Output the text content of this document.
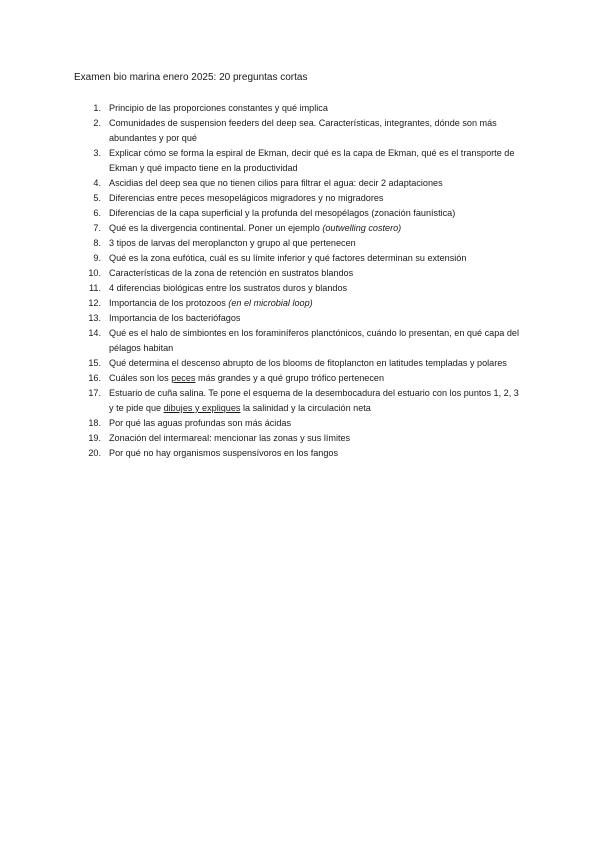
Examen bio marina enero 2025: 20 preguntas cortas
1. Principio de las proporciones constantes y qué implica
2. Comunidades de suspension feeders del deep sea. Características, integrantes, dónde son más abundantes y por qué
3. Explicar cómo se forma la espiral de Ekman, decir qué es la capa de Ekman, qué es el transporte de Ekman y qué impacto tiene en la productividad
4. Ascidias del deep sea que no tienen cilios para filtrar el agua: decir 2 adaptaciones
5. Diferencias entre peces mesopelágicos migradores y no migradores
6. Diferencias de la capa superficial y la profunda del mesopélagos (zonación faunística)
7. Qué es la divergencia continental. Poner un ejemplo (outwelling costero)
8. 3 tipos de larvas del meroplancton y grupo al que pertenecen
9. Qué es la zona eufótica, cuál es su límite inferior y qué factores determinan su extensión
10. Características de la zona de retención en sustratos blandos
11. 4 diferencias biológicas entre los sustratos duros y blandos
12. Importancia de los protozoos (en el microbial loop)
13. Importancia de los bacteriófagos
14. Qué es el halo de simbiontes en los foraminíferos planctónicos, cuándo lo presentan, en qué capa del pélagos habitan
15. Qué determina el descenso abrupto de los blooms de fitoplancton en latitudes templadas y polares
16. Cuáles son los peces más grandes y a qué grupo trófico pertenecen
17. Estuario de cuña salina. Te pone el esquema de la desembocadura del estuario con los puntos 1, 2, 3 y te pide que dibujes y expliques la salinidad y la circulación neta
18. Por qué las aguas profundas son más ácidas
19. Zonación del intermareal: mencionar las zonas y sus límites
20. Por qué no hay organismos suspensívoros en los fangos
